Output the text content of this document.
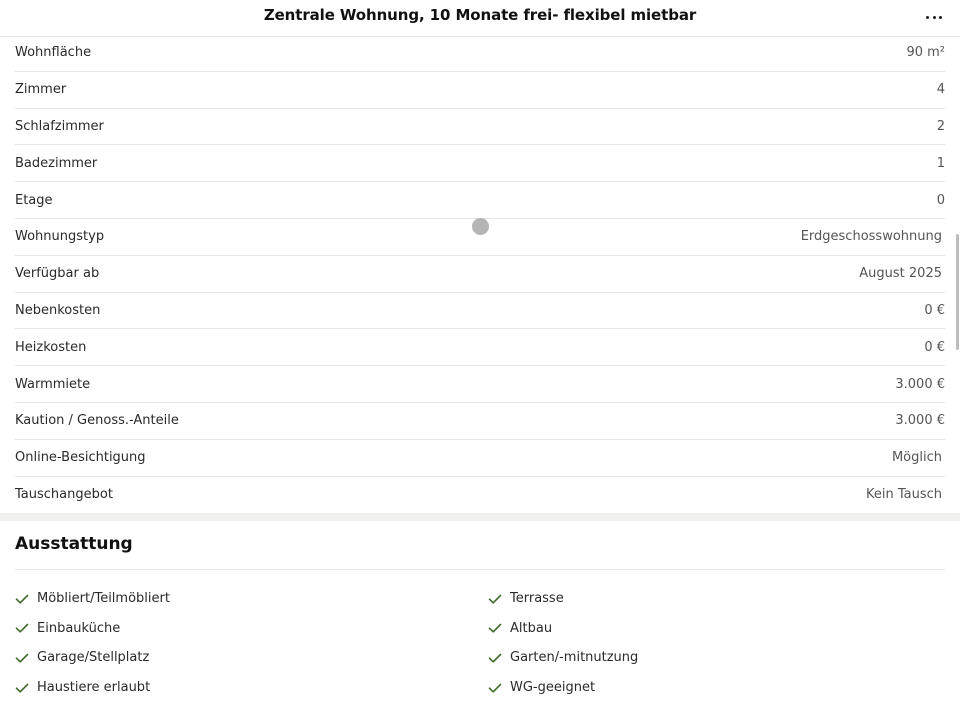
Zentrale Wohnung, 10 Monate frei- flexibel mietbar
Wohnfläche	90 m²
Zimmer	4
Schlafzimmer	2
Badezimmer	1
Etage	0
Wohnungstyp	Erdgeschosswohnung
Verfügbar ab	August 2025
Nebenkosten	0 €
Heizkosten	0 €
Warmmiete	3.000 €
Kaution / Genoss.-Anteile	3.000 €
Online-Besichtigung	Möglich
Tauschangebot	Kein Tausch
Ausstattung
Möbliert/Teilmöbliert	Terrasse
Einbauküche	Altbau
Garage/Stellplatz	Garten/-mitnutzung
Haustiere erlaubt	WG-geeignet
